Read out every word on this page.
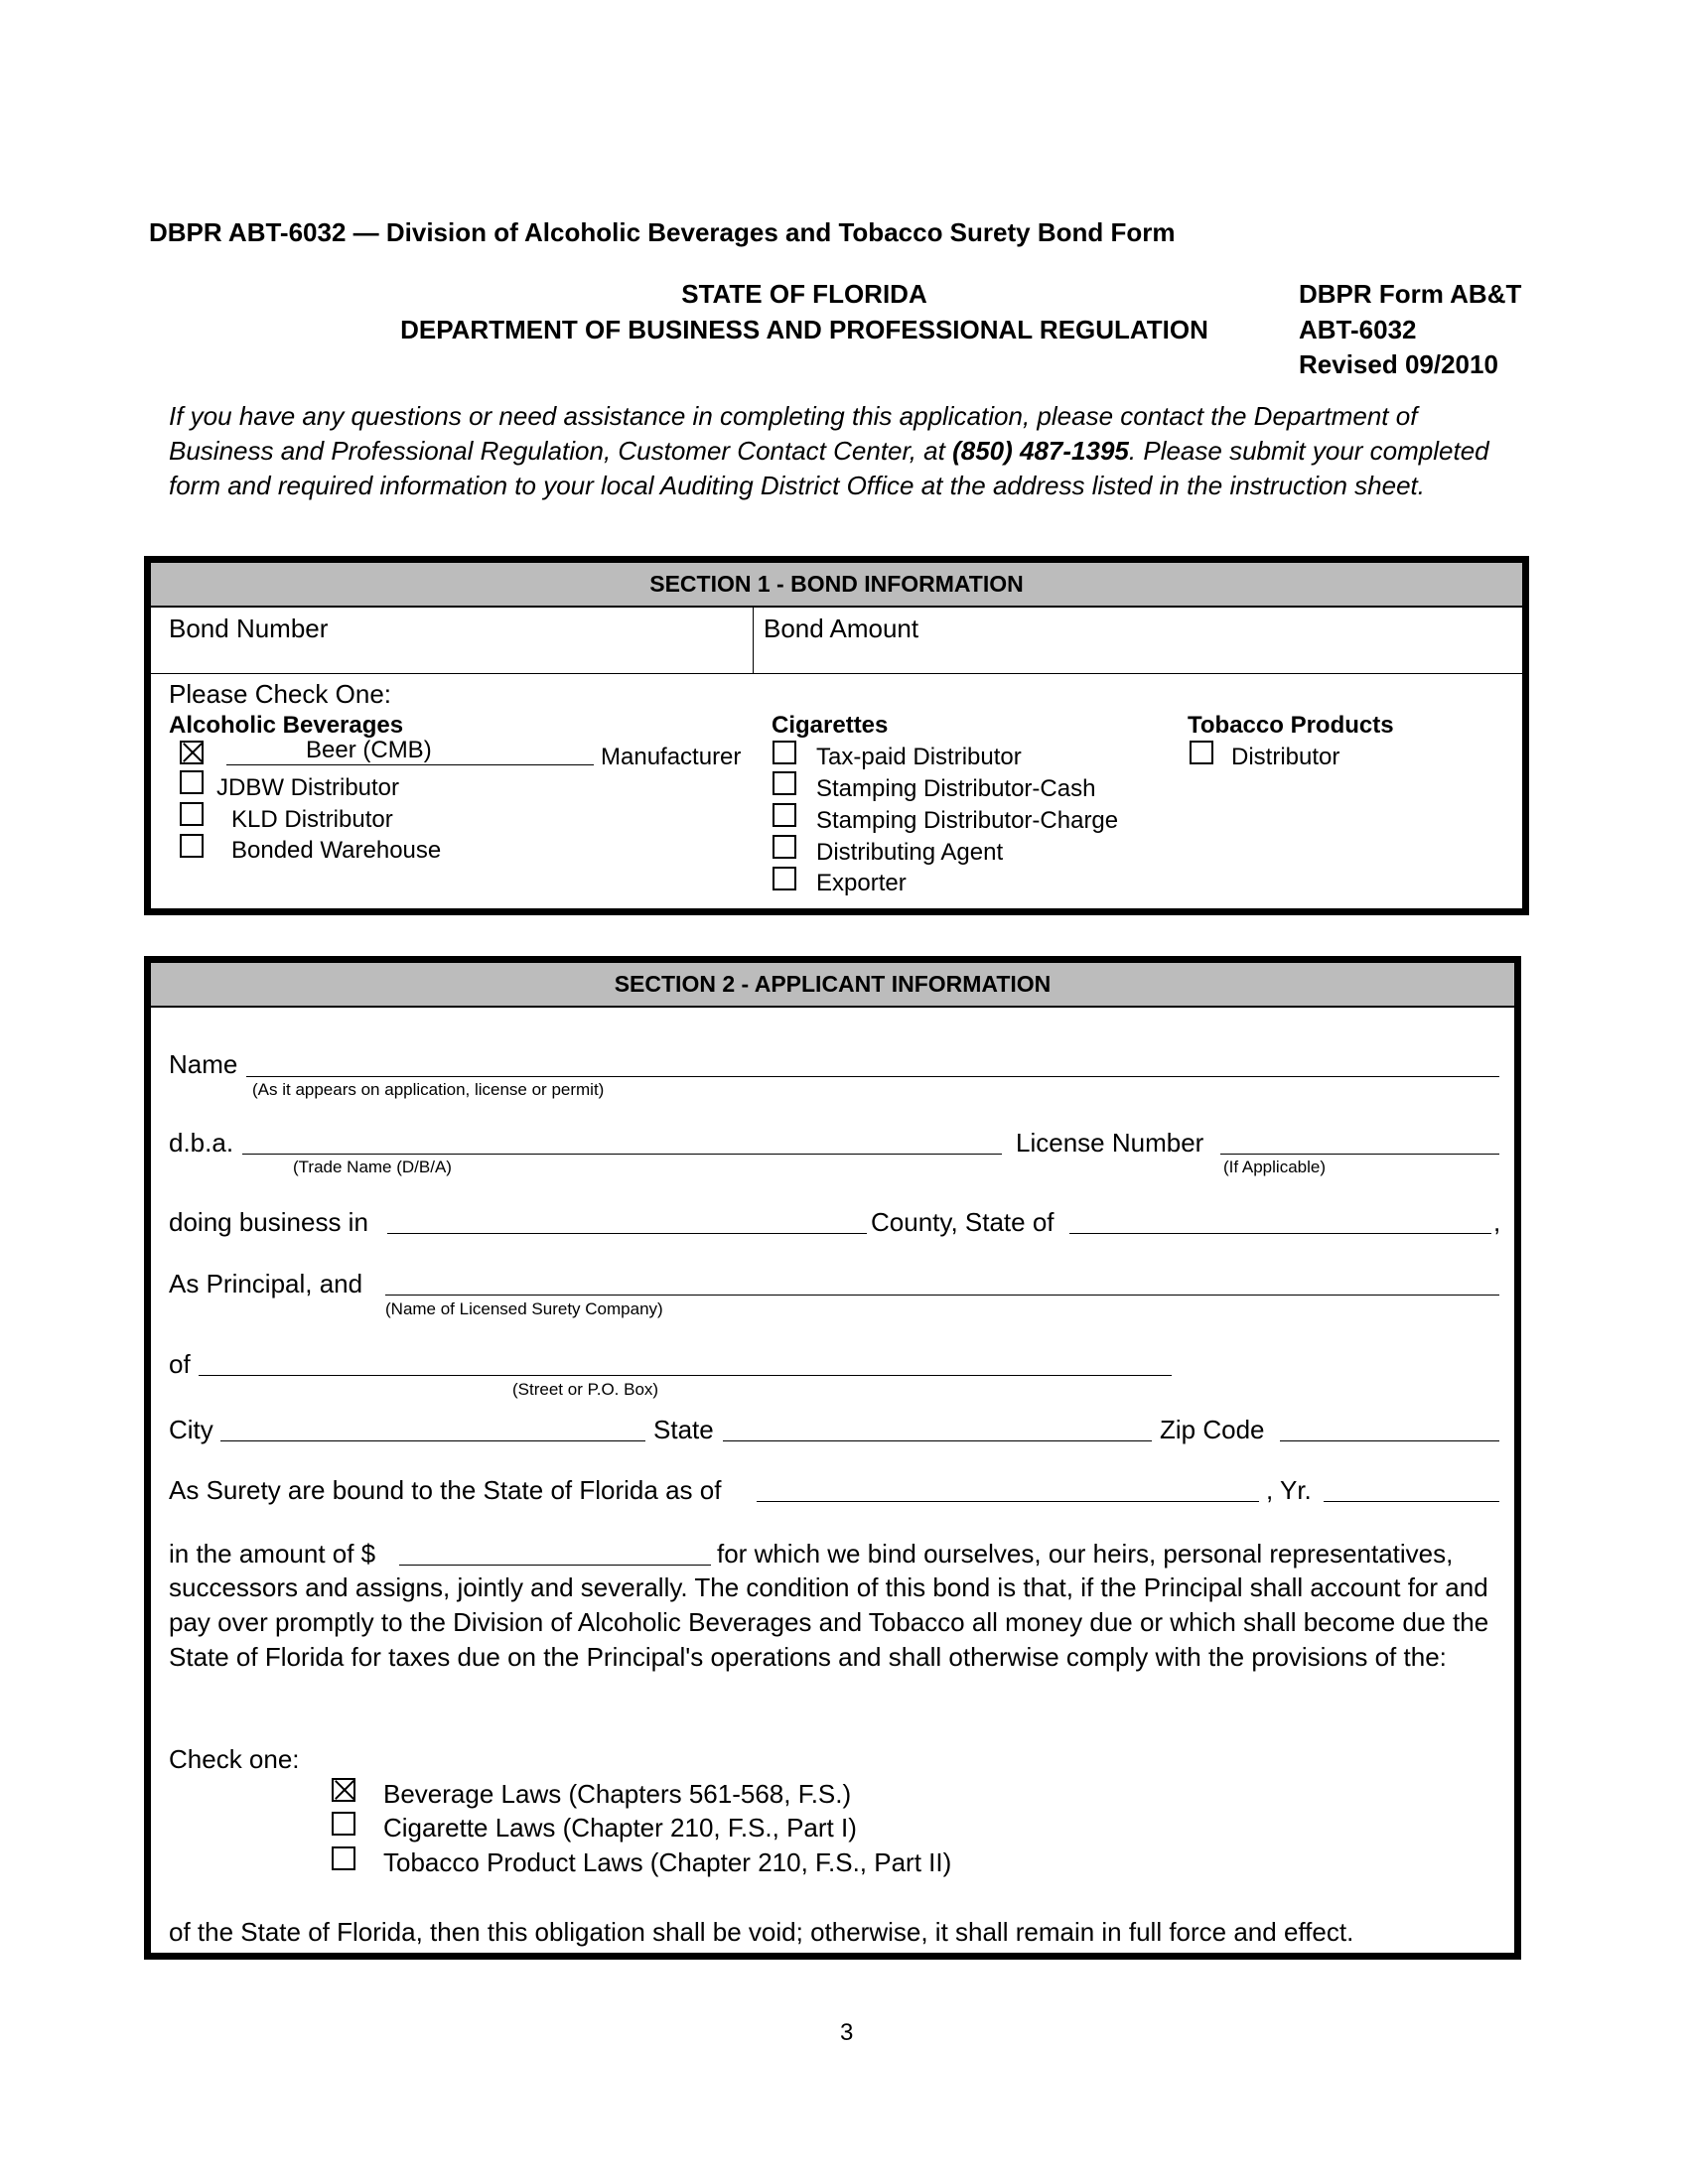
DBPR ABT-6032 — Division of Alcoholic Beverages and Tobacco Surety Bond Form
STATE OF FLORIDA
DEPARTMENT OF BUSINESS AND PROFESSIONAL REGULATION
DBPR Form AB&T
ABT-6032
Revised 09/2010
If you have any questions or need assistance in completing this application, please contact the Department of Business and Professional Regulation, Customer Contact Center, at (850) 487-1395. Please submit your completed form and required information to your local Auditing District Office at the address listed in the instruction sheet.
SECTION 1 - BOND INFORMATION
Bond Number	Bond Amount
Please Check One:
Alcoholic Beverages
Beer (CMB)	Manufacturer
JDBW Distributor
KLD Distributor
Bonded Warehouse
Cigarettes
Tax-paid Distributor
Stamping Distributor-Cash
Stamping Distributor-Charge
Distributing Agent
Exporter
Tobacco Products
Distributor
SECTION 2 - APPLICANT INFORMATION
Name
(As it appears on application, license or permit)
d.b.a.
(Trade Name (D/B/A)
License Number
(If Applicable)
doing business in	County, State of	,
As Principal, and
(Name of Licensed Surety Company)
of
(Street or P.O. Box)
City	State	Zip Code
As Surety are bound to the State of Florida as of	, Yr.
in the amount of $	for which we bind ourselves, our heirs, personal representatives,
successors and assigns, jointly and severally. The condition of this bond is that, if the Principal shall account for and pay over promptly to the Division of Alcoholic Beverages and Tobacco all money due or which shall become due the State of Florida for taxes due on the Principal's operations and shall otherwise comply with the provisions of the:
Check one:
Beverage Laws (Chapters 561-568, F.S.)
Cigarette Laws (Chapter 210, F.S., Part I)
Tobacco Product Laws (Chapter 210, F.S., Part II)
of the State of Florida, then this obligation shall be void; otherwise, it shall remain in full force and effect.
3
